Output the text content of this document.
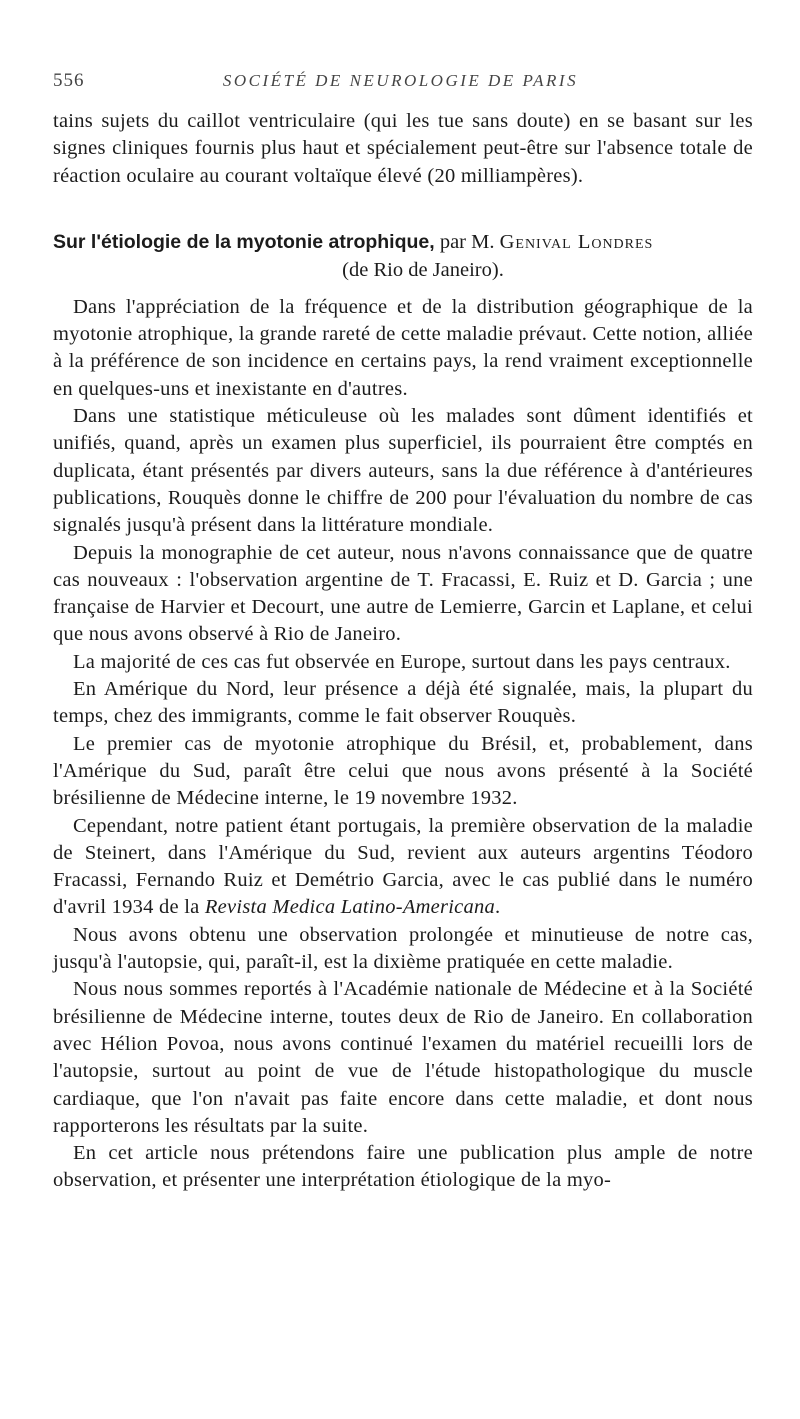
556	SOCIÉTÉ DE NEUROLOGIE DE PARIS

tains sujets du caillot ventriculaire (qui les tue sans doute) en se basant sur les signes cliniques fournis plus haut et spécialement peut-être sur l'absence totale de réaction oculaire au courant voltaïque élevé (20 milliampères).

Sur l'étiologie de la myotonie atrophique, par M. Genival Londres
(de Rio de Janeiro).

Dans l'appréciation de la fréquence et de la distribution géographique de la myotonie atrophique, la grande rareté de cette maladie prévaut. Cette notion, alliée à la préférence de son incidence en certains pays, la rend vraiment exceptionnelle en quelques-uns et inexistante en d'autres.

Dans une statistique méticuleuse où les malades sont dûment identifiés et unifiés, quand, après un examen plus superficiel, ils pourraient être comptés en duplicata, étant présentés par divers auteurs, sans la due référence à d'antérieures publications, Rouquès donne le chiffre de 200 pour l'évaluation du nombre de cas signalés jusqu'à présent dans la littérature mondiale.

Depuis la monographie de cet auteur, nous n'avons connaissance que de quatre cas nouveaux : l'observation argentine de T. Fracassi, E. Ruiz et D. Garcia ; une française de Harvier et Decourt, une autre de Lemierre, Garcin et Laplane, et celui que nous avons observé à Rio de Janeiro.

La majorité de ces cas fut observée en Europe, surtout dans les pays centraux.

En Amérique du Nord, leur présence a déjà été signalée, mais, la plupart du temps, chez des immigrants, comme le fait observer Rouquès.

Le premier cas de myotonie atrophique du Brésil, et, probablement, dans l'Amérique du Sud, paraît être celui que nous avons présenté à la Société brésilienne de Médecine interne, le 19 novembre 1932.

Cependant, notre patient étant portugais, la première observation de la maladie de Steinert, dans l'Amérique du Sud, revient aux auteurs argentins Téodoro Fracassi, Fernando Ruiz et Demétrio Garcia, avec le cas publié dans le numéro d'avril 1934 de la Revista Medica Latino-Americana.

Nous avons obtenu une observation prolongée et minutieuse de notre cas, jusqu'à l'autopsie, qui, paraît-il, est la dixième pratiquée en cette maladie.

Nous nous sommes reportés à l'Académie nationale de Médecine et à la Société brésilienne de Médecine interne, toutes deux de Rio de Janeiro. En collaboration avec Hélion Povoa, nous avons continué l'examen du matériel recueilli lors de l'autopsie, surtout au point de vue de l'étude histopathologique du muscle cardiaque, que l'on n'avait pas faite encore dans cette maladie, et dont nous rapporterons les résultats par la suite.

En cet article nous prétendons faire une publication plus ample de notre observation, et présenter une interprétation étiologique de la myo-
